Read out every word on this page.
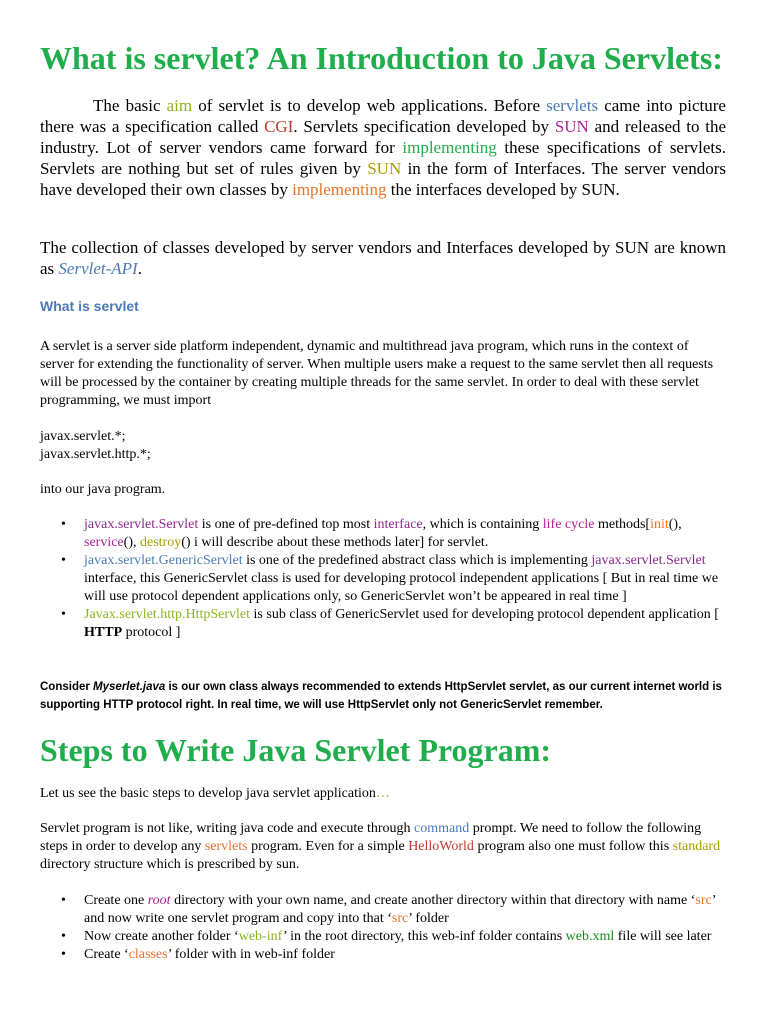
What is servlet? An Introduction to Java Servlets:

The basic aim of servlet is to develop web applications. Before servlets came into picture there was a specification called CGI. Servlets specification developed by SUN and released to the industry. Lot of server vendors came forward for implementing these specifications of servlets. Servlets are nothing but set of rules given by SUN in the form of Interfaces. The server vendors have developed their own classes by implementing the interfaces developed by SUN.

The collection of classes developed by server vendors and Interfaces developed by SUN are known as Servlet-API.

What is servlet

A servlet is a server side platform independent, dynamic and multithread java program, which runs in the context of server for extending the functionality of server. When multiple users make a request to the same servlet then all requests will be processed by the container by creating multiple threads for the same servlet. In order to deal with these servlet programming, we must import

javax.servlet.*;
javax.servlet.http.*;

into our java program.

• javax.servlet.Servlet is one of pre-defined top most interface, which is containing life cycle methods[init(), service(), destroy() i will describe about these methods later] for servlet.
• javax.servlet.GenericServlet is one of the predefined abstract class which is implementing javax.servlet.Servlet interface, this GenericServlet class is used for developing protocol independent applications [ But in real time we will use protocol dependent applications only, so GenericServlet won’t be appeared in real time ]
• Javax.servlet.http.HttpServlet is sub class of GenericServlet used for developing protocol dependent application [ HTTP protocol ]

Consider Myserlet.java is our own class always recommended to extends HttpServlet servlet, as our current internet world is supporting HTTP protocol right. In real time, we will use HttpServlet only not GenericServlet remember.

Steps to Write Java Servlet Program:

Let us see the basic steps to develop java servlet application…

Servlet program is not like, writing java code and execute through command prompt. We need to follow the following steps in order to develop any servlets program. Even for a simple HelloWorld program also one must follow this standard directory structure which is prescribed by sun.

• Create one root directory with your own name, and create another directory within that directory with name ‘src’ and now write one servlet program and copy into that ‘src’ folder
• Now create another folder ‘web-inf’ in the root directory, this web-inf folder contains web.xml file will see later
• Create ‘classes’ folder with in web-inf folder
